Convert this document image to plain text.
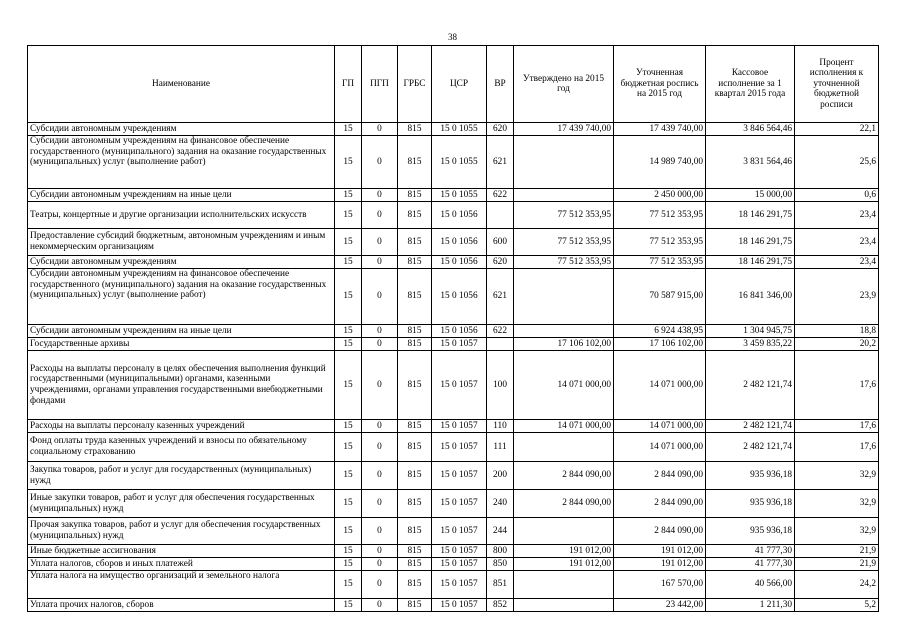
38
Наименование	ГП	ПГП	ГРБС	ЦСР	ВР	Утверждено на 2015 год	Уточненная бюджетная роспись на 2015 год	Кассовое исполнение за 1 квартал 2015 года	Процент исполнения к уточненной бюджетной росписи
Субсидии автономным учреждениям	15	0	815	15 0 1055	620	17 439 740,00	17 439 740,00	3 846 564,46	22,1
Субсидии автономным учреждениям на финансовое обеспечение государственного (муниципального) задания на оказание государственных (муниципальных) услуг (выполнение работ)	15	0	815	15 0 1055	621		14 989 740,00	3 831 564,46	25,6
Субсидии автономным учреждениям на иные цели	15	0	815	15 0 1055	622		2 450 000,00	15 000,00	0,6
Театры, концертные и другие организации исполнительских искусств	15	0	815	15 0 1056		77 512 353,95	77 512 353,95	18 146 291,75	23,4
Предоставление субсидий бюджетным, автономным учреждениям и иным некоммерческим организациям	15	0	815	15 0 1056	600	77 512 353,95	77 512 353,95	18 146 291,75	23,4
Субсидии автономным учреждениям	15	0	815	15 0 1056	620	77 512 353,95	77 512 353,95	18 146 291,75	23,4
Субсидии автономным учреждениям на финансовое обеспечение государственного (муниципального) задания на оказание государственных (муниципальных) услуг (выполнение работ)	15	0	815	15 0 1056	621		70 587 915,00	16 841 346,00	23,9
Субсидии автономным учреждениям на иные цели	15	0	815	15 0 1056	622		6 924 438,95	1 304 945,75	18,8
Государственные архивы	15	0	815	15 0 1057		17 106 102,00	17 106 102,00	3 459 835,22	20,2
Расходы на выплаты персоналу в целях обеспечения выполнения функций государственными (муниципальными) органами, казенными учреждениями, органами управления государственными внебюджетными фондами	15	0	815	15 0 1057	100	14 071 000,00	14 071 000,00	2 482 121,74	17,6
Расходы на выплаты персоналу казенных учреждений	15	0	815	15 0 1057	110	14 071 000,00	14 071 000,00	2 482 121,74	17,6
Фонд оплаты труда казенных учреждений и взносы по обязательному социальному страхованию	15	0	815	15 0 1057	111		14 071 000,00	2 482 121,74	17,6
Закупка товаров, работ и услуг для государственных (муниципальных) нужд	15	0	815	15 0 1057	200	2 844 090,00	2 844 090,00	935 936,18	32,9
Иные закупки товаров, работ и услуг для обеспечения государственных (муниципальных) нужд	15	0	815	15 0 1057	240	2 844 090,00	2 844 090,00	935 936,18	32,9
Прочая закупка товаров, работ и услуг для обеспечения государственных (муниципальных) нужд	15	0	815	15 0 1057	244		2 844 090,00	935 936,18	32,9
Иные бюджетные ассигнования	15	0	815	15 0 1057	800	191 012,00	191 012,00	41 777,30	21,9
Уплата налогов, сборов и иных платежей	15	0	815	15 0 1057	850	191 012,00	191 012,00	41 777,30	21,9
Уплата налога на имущество организаций и земельного налога	15	0	815	15 0 1057	851		167 570,00	40 566,00	24,2
Уплата прочих налогов, сборов	15	0	815	15 0 1057	852		23 442,00	1 211,30	5,2
